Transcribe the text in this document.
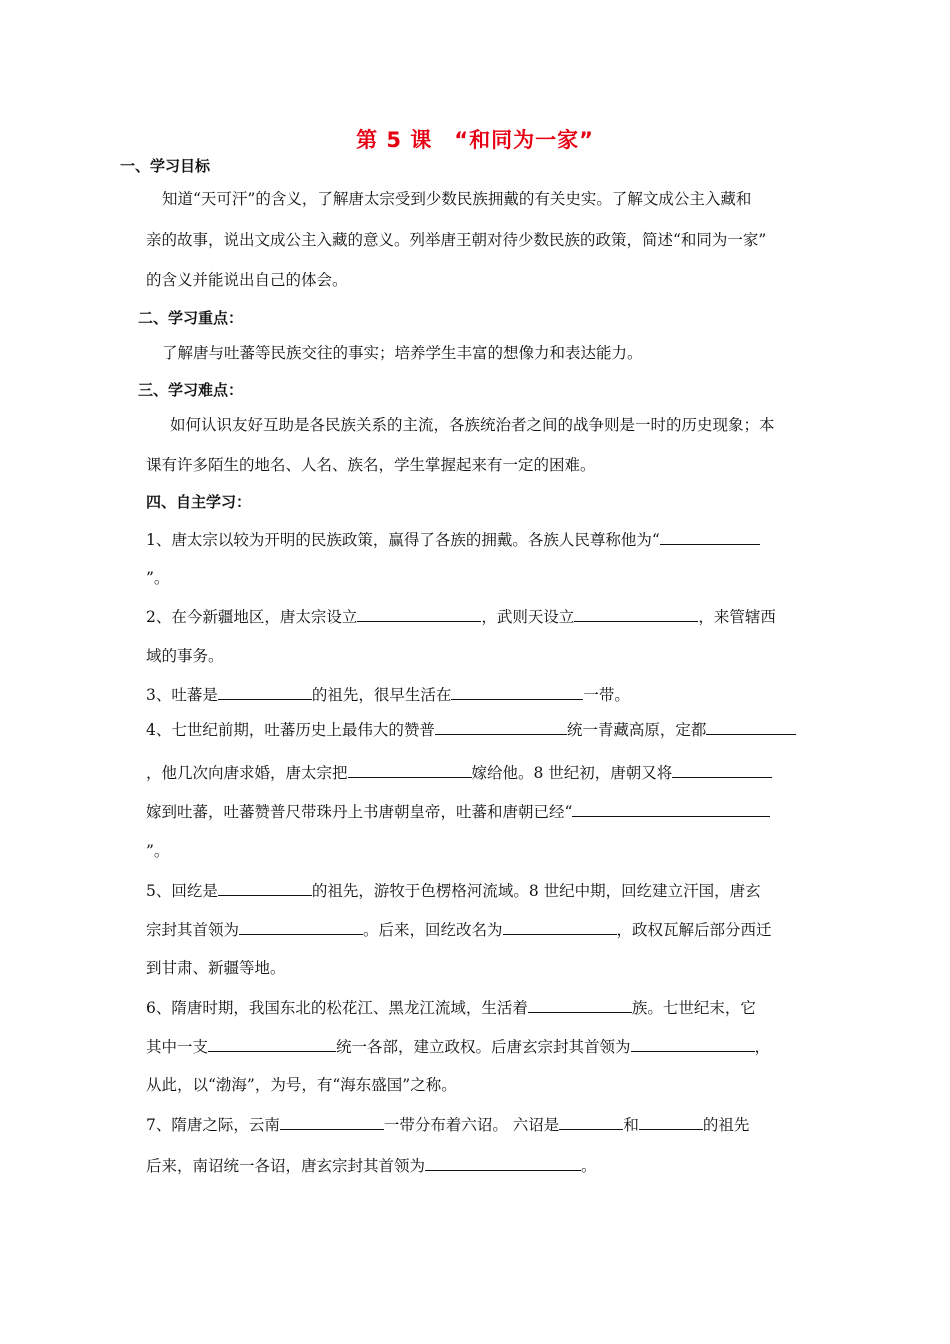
第 5 课　“和同为一家”
一、学习目标
知道“天可汗”的含义，了解唐太宗受到少数民族拥戴的有关史实。了解文成公主入藏和
亲的故事，说出文成公主入藏的意义。列举唐王朝对待少数民族的政策，简述“和同为一家”
的含义并能说出自己的体会。
二、学习重点：
了解唐与吐蕃等民族交往的事实；培养学生丰富的想像力和表达能力。
三、学习难点：
如何认识友好互助是各民族关系的主流，各族统治者之间的战争则是一时的历史现象；本
课有许多陌生的地名、人名、族名，学生掌握起来有一定的困难。
四、自主学习：
1、唐太宗以较为开明的民族政策，赢得了各族的拥戴。各族人民尊称他为“
”。
2、在今新疆地区，唐太宗设立	，武则天设立	，来管辖西
域的事务。
3、吐蕃是	的祖先，很早生活在	一带。
4、七世纪前期，吐蕃历史上最伟大的赞普	统一青藏高原，定都
，他几次向唐求婚，唐太宗把	嫁给他。8 世纪初，唐朝又将
嫁到吐蕃，吐蕃赞普尺带珠丹上书唐朝皇帝，吐蕃和唐朝已经“
”。
5、回纥是	的祖先，游牧于色楞格河流域。8 世纪中期，回纥建立汗国，唐玄
宗封其首领为	。后来，回纥改名为	，政权瓦解后部分西迁
到甘肃、新疆等地。
6、隋唐时期，我国东北的松花江、黑龙江流域，生活着	族。七世纪末，它
其中一支	统一各部，建立政权。后唐玄宗封其首领为	，
从此，以“渤海”，为号，有“海东盛国”之称。
7、隋唐之际，云南	一带分布着六诏。 六诏是	和	的祖先
后来，南诏统一各诏，唐玄宗封其首领为	。
